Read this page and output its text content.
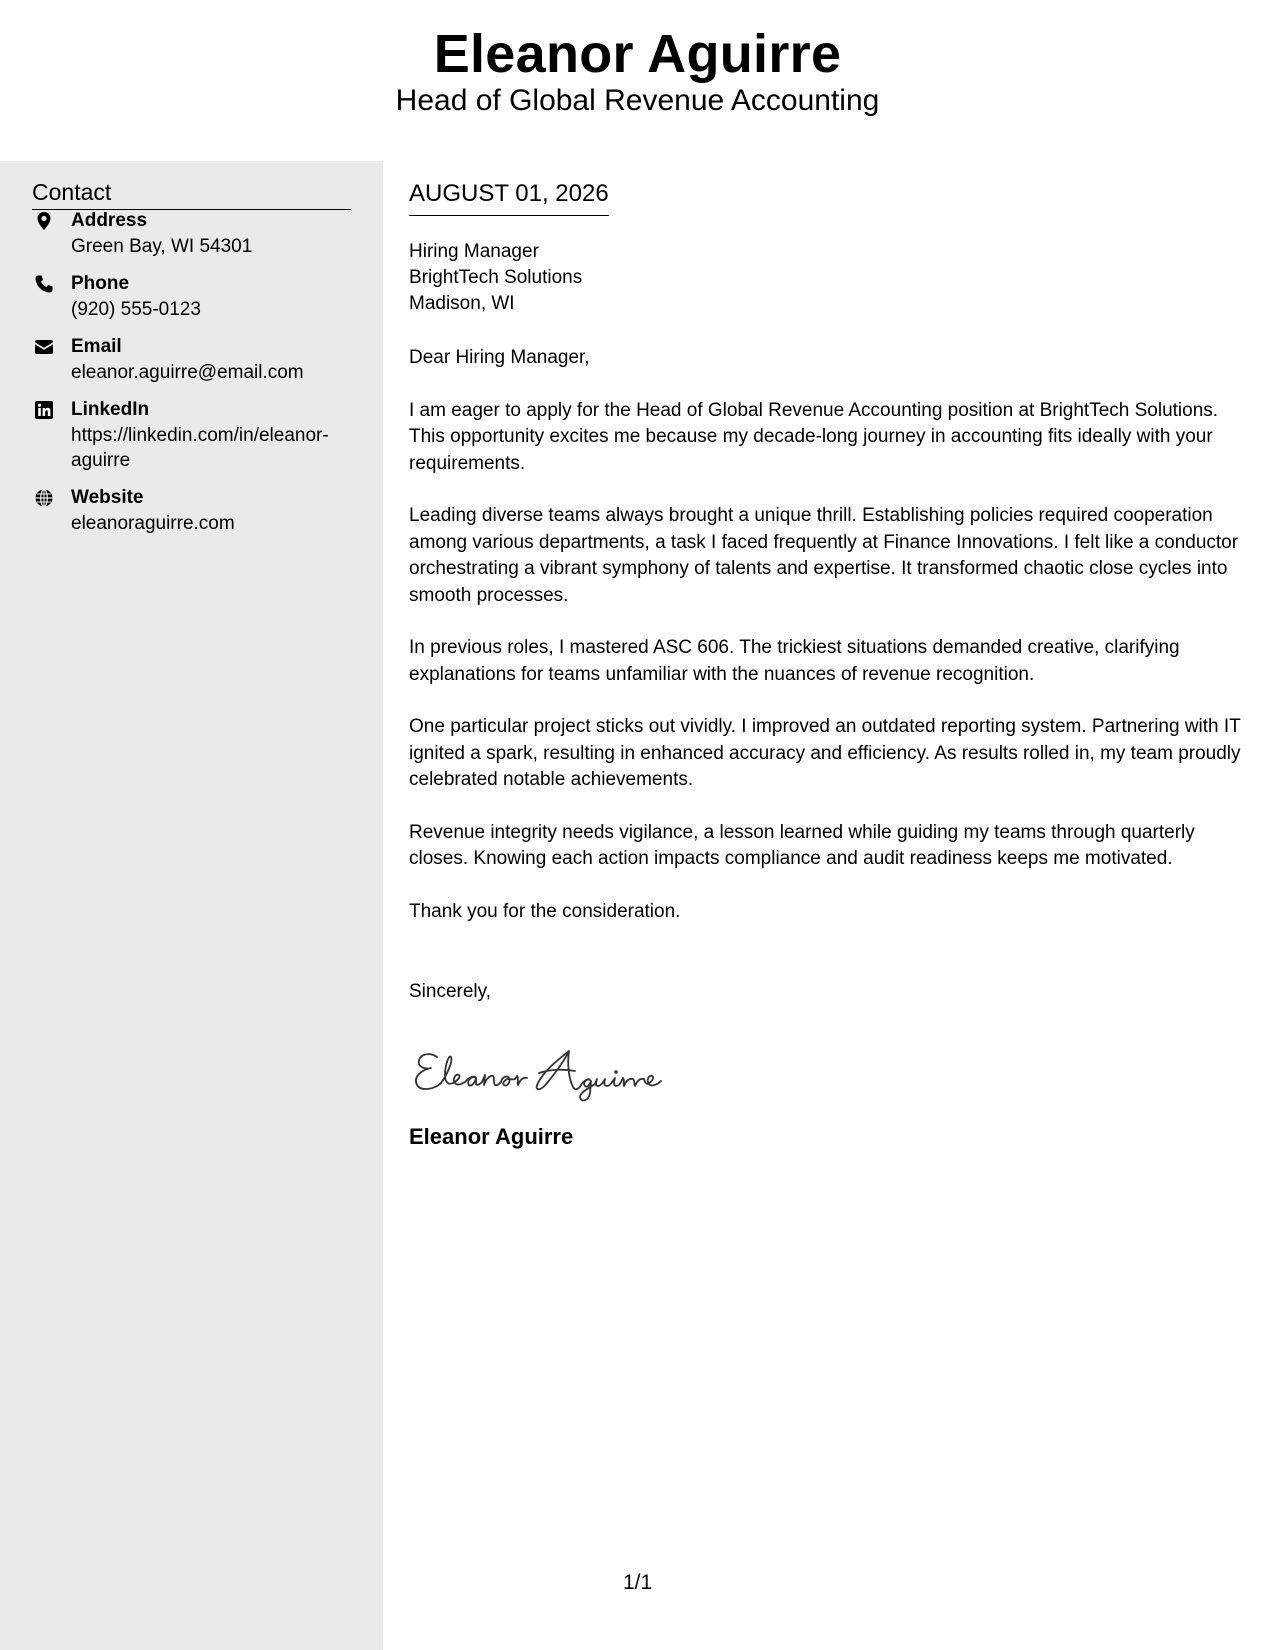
Eleanor Aguirre
Head of Global Revenue Accounting
Contact
Address
Green Bay, WI 54301
Phone
(920) 555-0123
Email
eleanor.aguirre@email.com
LinkedIn
https://linkedin.com/in/eleanor-aguirre
Website
eleanoraguirre.com
AUGUST 01, 2026
Hiring Manager
BrightTech Solutions
Madison, WI

Dear Hiring Manager,

I am eager to apply for the Head of Global Revenue Accounting position at BrightTech Solutions. This opportunity excites me because my decade-long journey in accounting fits ideally with your requirements.

Leading diverse teams always brought a unique thrill. Establishing policies required cooperation among various departments, a task I faced frequently at Finance Innovations. I felt like a conductor orchestrating a vibrant symphony of talents and expertise. It transformed chaotic close cycles into smooth processes.

In previous roles, I mastered ASC 606. The trickiest situations demanded creative, clarifying explanations for teams unfamiliar with the nuances of revenue recognition.

One particular project sticks out vividly. I improved an outdated reporting system. Partnering with IT ignited a spark, resulting in enhanced accuracy and efficiency. As results rolled in, my team proudly celebrated notable achievements.

Revenue integrity needs vigilance, a lesson learned while guiding my teams through quarterly closes. Knowing each action impacts compliance and audit readiness keeps me motivated.

Thank you for the consideration.

Sincerely,
Eleanor Aguirre
1/1
